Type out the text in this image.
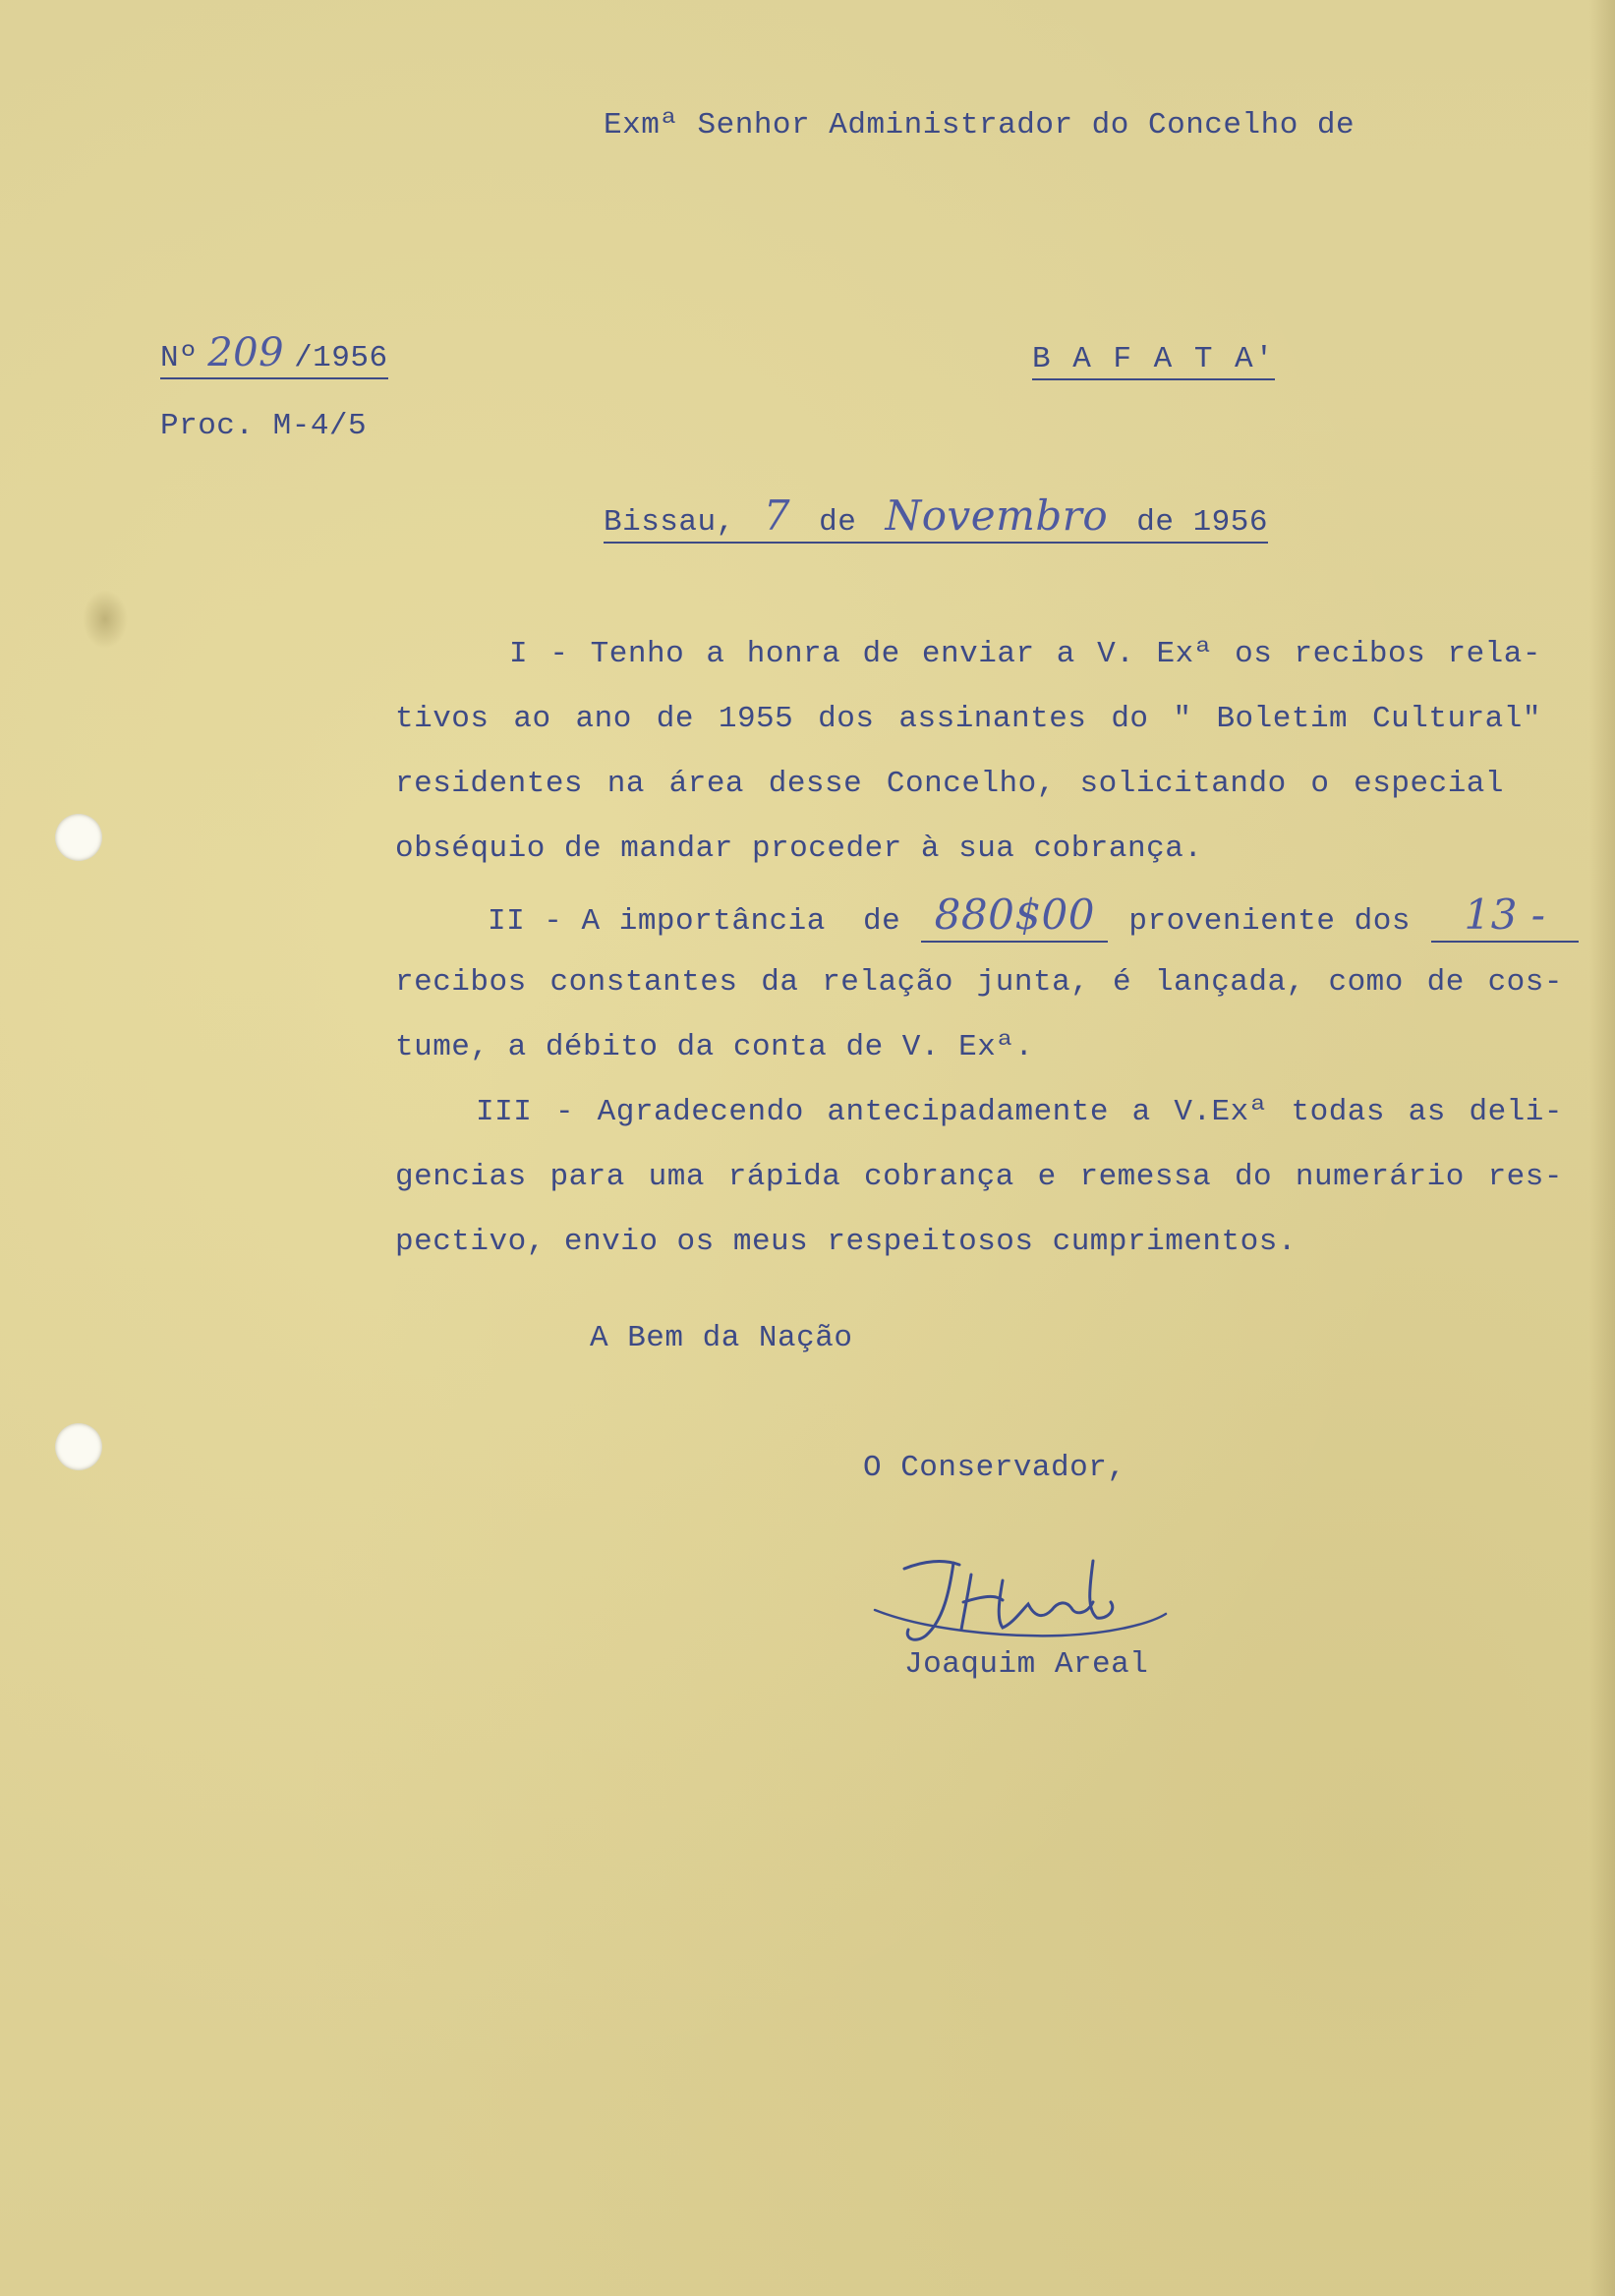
Exmª Senhor Administrador do Concelho de

Nº 209 /1956	B A F A T A'

Proc. M-4/5

Bissau, 7 de Novembro de 1956

I - Tenho a honra de enviar a V. Exª os recibos rela-

tivos ao ano de 1955 dos assinantes do " Boletim Cultural"

residentes na área desse Concelho, solicitando o especial

obséquio de mandar proceder à sua cobrança.

II - A importância  de 880$00	proveniente dos	13 -

recibos constantes da relação junta, é lançada, como de cos-

tume, a débito da conta de V. Exª.

III - Agradecendo antecipadamente a V.Exª todas as deli-

gencias para uma rápida cobrança e remessa do numerário res-

pectivo, envio os meus respeitosos cumprimentos.

A Bem da Nação

O Conservador,

Joaquim Areal
